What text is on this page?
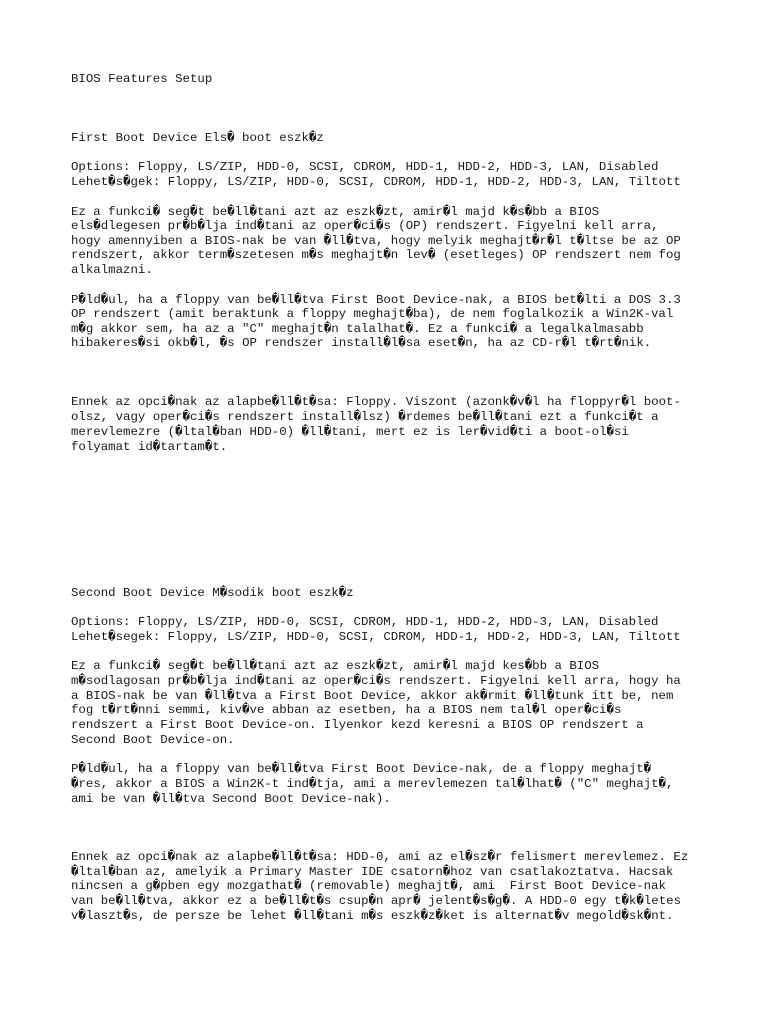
BIOS Features Setup
First Boot Device Els� boot eszk�z
Options: Floppy, LS/ZIP, HDD-0, SCSI, CDROM, HDD-1, HDD-2, HDD-3, LAN, Disabled
Lehet�s�gek: Floppy, LS/ZIP, HDD-0, SCSI, CDROM, HDD-1, HDD-2, HDD-3, LAN, Tiltott
Ez a funkci� seg�t be�ll�tani azt az eszk�zt, amir�l majd k�s�bb a BIOS
els�dlegesen pr�b�lja ind�tani az oper�ci�s (OP) rendszert. Figyelni kell arra,
hogy amennyiben a BIOS-nak be van �ll�tva, hogy melyik meghajt�r�l t�ltse be az OP
rendszert, akkor term�szetesen m�s meghajt�n lev� (esetleges) OP rendszert nem fog
alkalmazni.
P�ld�ul, ha a floppy van be�ll�tva First Boot Device-nak, a BIOS bet�lti a DOS 3.3
OP rendszert (amit beraktunk a floppy meghajt�ba), de nem foglalkozik a Win2K-val
m�g akkor sem, ha az a "C" meghajt�n talalhat�. Ez a funkci� a legalkalmasabb
hibakeres�si okb�l, �s OP rendszer install�l�sa eset�n, ha az CD-r�l t�rt�nik.
Ennek az opci�nak az alapbe�ll�t�sa: Floppy. Viszont (azonk�v�l ha floppyr�l boot-
olsz, vagy oper�ci�s rendszert install�lsz) �rdemes be�ll�tani ezt a funkci�t a
merevlemezre (�ltal�ban HDD-0) �ll�tani, mert ez is ler�vid�ti a boot-ol�si
folyamat id�tartam�t.
Second Boot Device M�sodik boot eszk�z
Options: Floppy, LS/ZIP, HDD-0, SCSI, CDROM, HDD-1, HDD-2, HDD-3, LAN, Disabled
Lehet�segek: Floppy, LS/ZIP, HDD-0, SCSI, CDROM, HDD-1, HDD-2, HDD-3, LAN, Tiltott
Ez a funkci� seg�t be�ll�tani azt az eszk�zt, amir�l majd kes�bb a BIOS
m�sodlagosan pr�b�lja ind�tani az oper�ci�s rendszert. Figyelni kell arra, hogy ha
a BIOS-nak be van �ll�tva a First Boot Device, akkor ak�rmit �ll�tunk itt be, nem
fog t�rt�nni semmi, kiv�ve abban az esetben, ha a BIOS nem tal�l oper�ci�s
rendszert a First Boot Device-on. Ilyenkor kezd keresni a BIOS OP rendszert a
Second Boot Device-on.
P�ld�ul, ha a floppy van be�ll�tva First Boot Device-nak, de a floppy meghajt�
�res, akkor a BIOS a Win2K-t ind�tja, ami a merevlemezen tal�lhat� ("C" meghajt�,
ami be van �ll�tva Second Boot Device-nak).
Ennek az opci�nak az alapbe�ll�t�sa: HDD-0, ami az el�sz�r felismert merevlemez. Ez
�ltal�ban az, amelyik a Primary Master IDE csatorn�hoz van csatlakoztatva. Hacsak
nincsen a g�pben egy mozgathat� (removable) meghajt�, ami  First Boot Device-nak
van be�ll�tva, akkor ez a be�ll�t�s csup�n apr� jelent�s�g�. A HDD-0 egy t�k�letes
v�laszt�s, de persze be lehet �ll�tani m�s eszk�z�ket is alternat�v megold�sk�nt.
